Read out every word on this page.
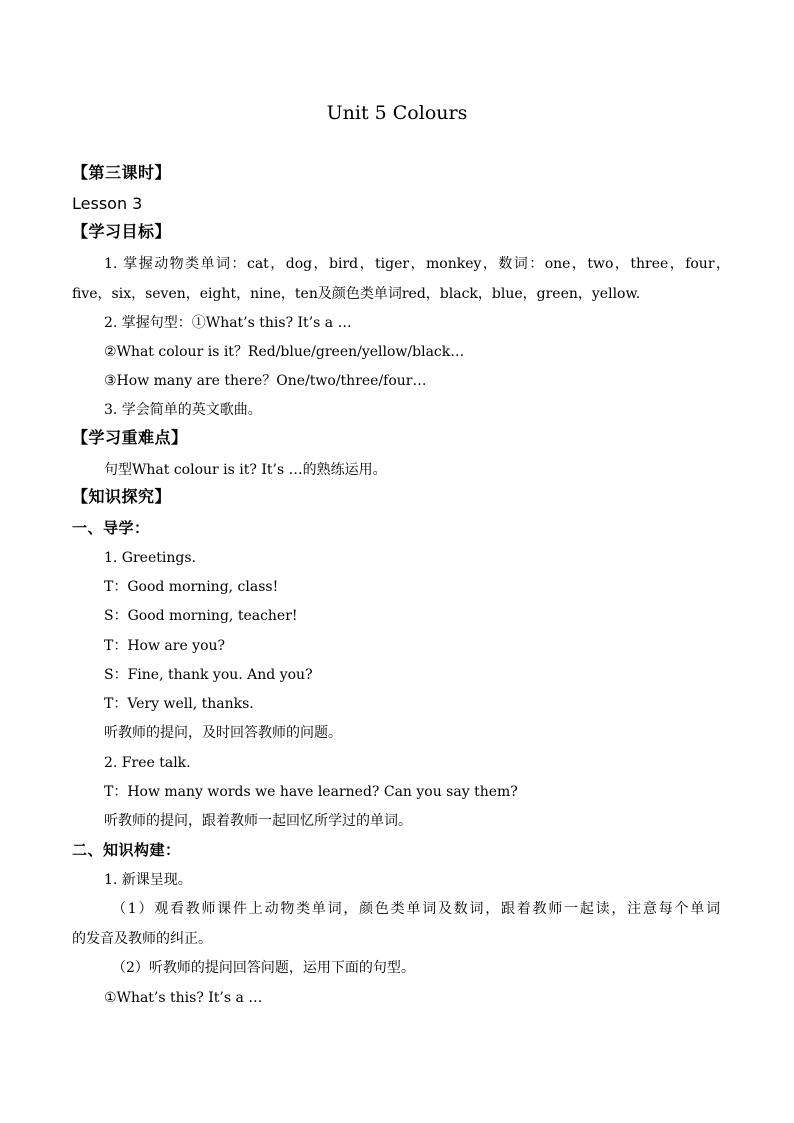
Unit 5 Colours
【第三课时】
Lesson 3
【学习目标】
1. 掌握动物类单词：cat，dog，bird，tiger，monkey，数词：one，two，three，four，
five，six，seven，eight，nine，ten及颜色类单词red，black，blue，green，yellow.
2. 掌握句型：①What’s this? It’s a …
②What colour is it？Red/blue/green/yellow/black…
③How many are there？One/two/three/four…
3. 学会简单的英文歌曲。
【学习重难点】
句型What colour is it? It’s …的熟练运用。
【知识探究】
一、导学：
1. Greetings.
T：Good morning, class!
S：Good morning, teacher!
T：How are you?
S：Fine, thank you. And you?
T：Very well, thanks.
听教师的提问，及时回答教师的问题。
2. Free talk.
T：How many words we have learned? Can you say them?
听教师的提问，跟着教师一起回忆所学过的单词。
二、知识构建：
1. 新课呈现。
（1）观看教师课件上动物类单词，颜色类单词及数词，跟着教师一起读，注意每个单词
的发音及教师的纠正。
（2）听教师的提问回答问题，运用下面的句型。
①What’s this? It’s a …
